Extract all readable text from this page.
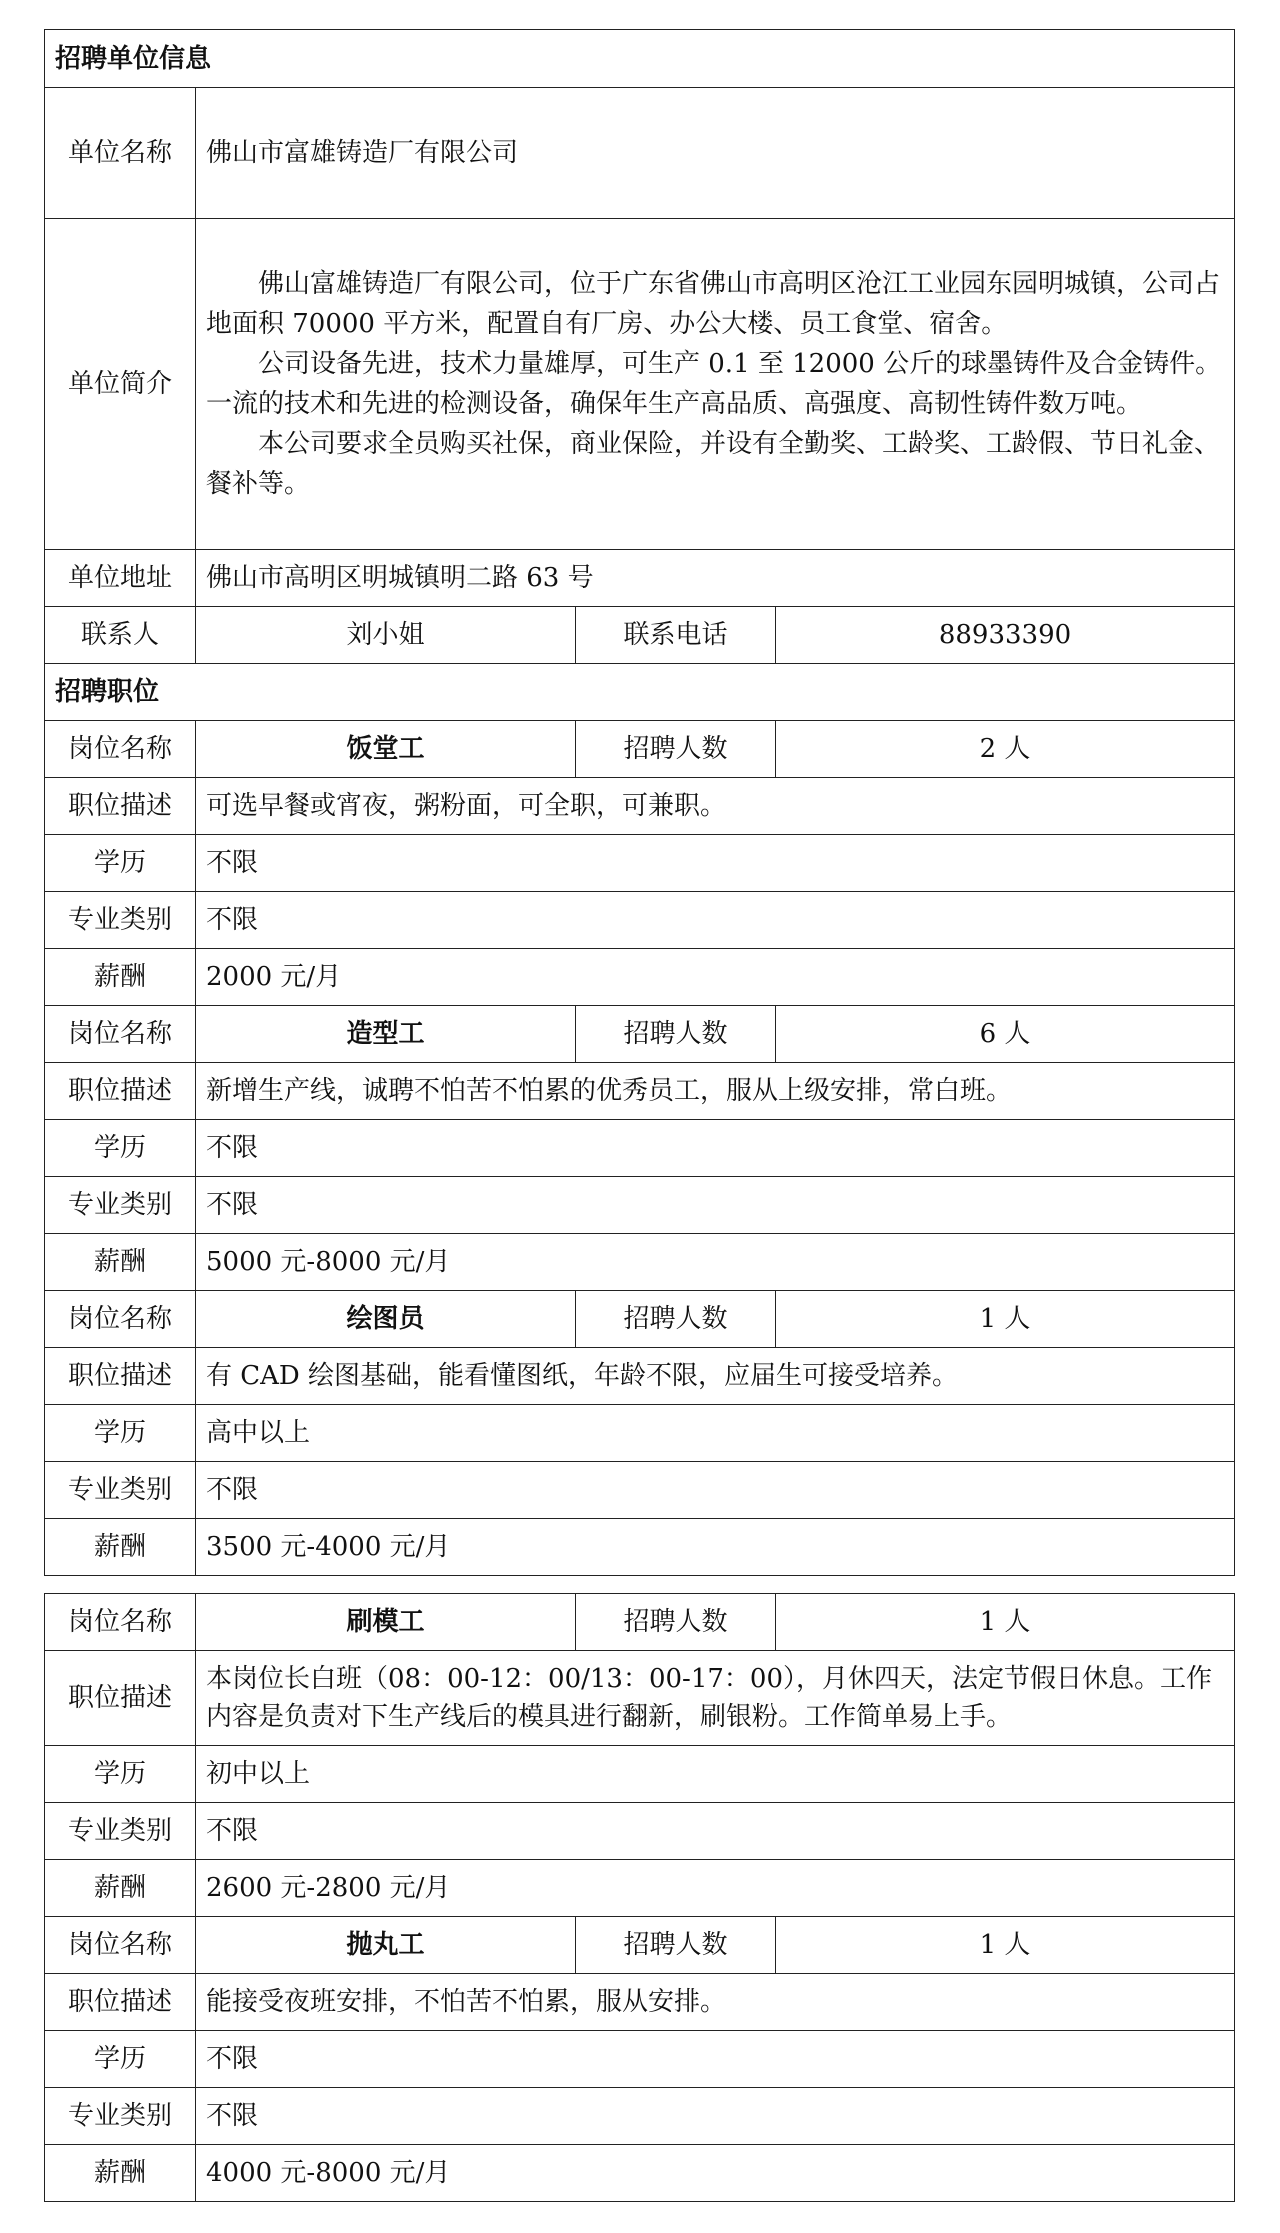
招聘单位信息			
单位名称	佛山市富雄铸造厂有限公司		
单位简介	佛山富雄铸造厂有限公司，位于广东省佛山市高明区沧江工业园东园明城镇，公司占地面积 70000 平方米，配置自有厂房、办公大楼、员工食堂、宿舍。

公司设备先进，技术力量雄厚，可生产 0.1 至 12000 公斤的球墨铸件及合金铸件。一流的技术和先进的检测设备，确保年生产高品质、高强度、高韧性铸件数万吨。

本公司要求全员购买社保，商业保险，并设有全勤奖、工龄奖、工龄假、节日礼金、餐补等。		

单位地址	佛山市高明区明城镇明二路 63 号		
联系人	刘小姐	联系电话	88933390
招聘职位			
岗位名称	饭堂工	招聘人数	2 人
职位描述	可选早餐或宵夜，粥粉面，可全职，可兼职。		
学历	不限		
专业类别	不限		
薪酬	2000 元/月		
岗位名称	造型工	招聘人数	6 人
职位描述	新增生产线，诚聘不怕苦不怕累的优秀员工，服从上级安排，常白班。		
学历	不限		
专业类别	不限		
薪酬	5000 元-8000 元/月		
岗位名称	绘图员	招聘人数	1 人
职位描述	有 CAD 绘图基础，能看懂图纸，年龄不限，应届生可接受培养。		
学历	高中以上		
专业类别	不限		
薪酬	3500 元-4000 元/月		
岗位名称	刷模工	招聘人数	1 人
职位描述	本岗位长白班（08：00-12：00/13：00-17：00），月休四天，法定节假日休息。工作内容是负责对下生产线后的模具进行翻新，刷银粉。工作简单易上手。		
学历	初中以上		
专业类别	不限		
薪酬	2600 元-2800 元/月		
岗位名称	抛丸工	招聘人数	1 人
职位描述	能接受夜班安排，不怕苦不怕累，服从安排。		
学历	不限		
专业类别	不限		
薪酬	4000 元-8000 元/月		
